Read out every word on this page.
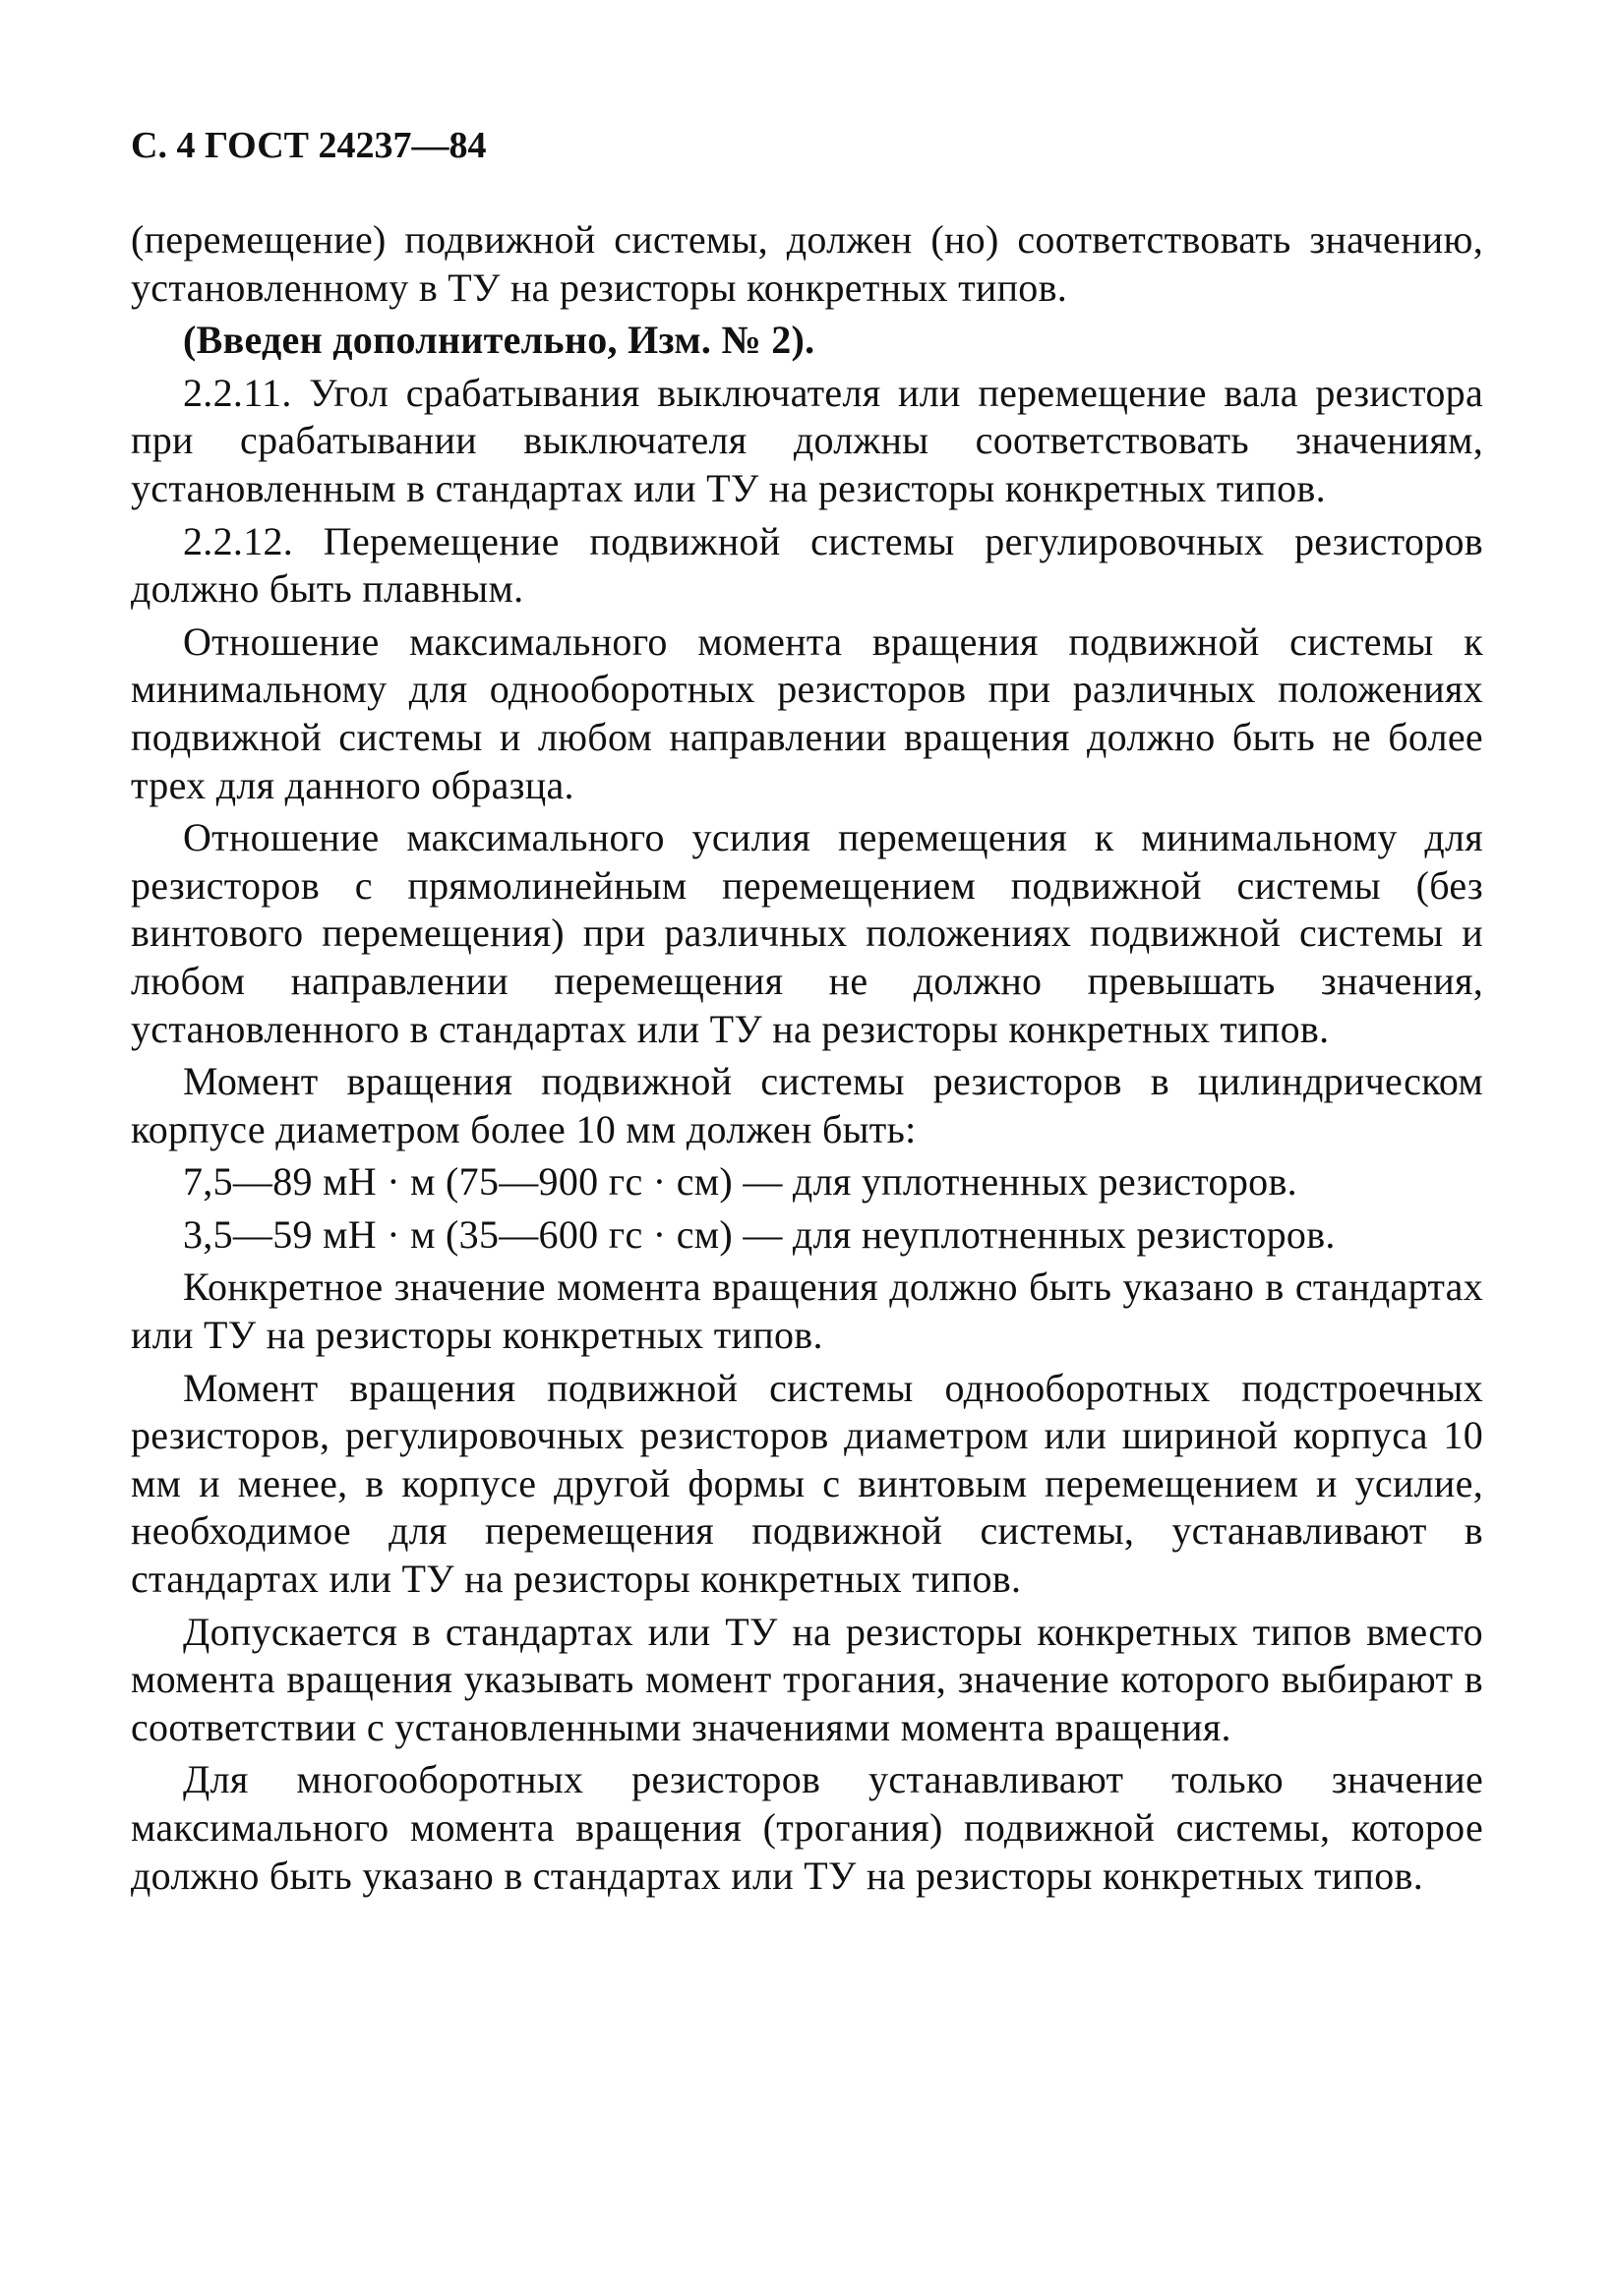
С. 4 ГОСТ 24237—84
(перемещение) подвижной системы, должен (но) соответствовать значению, установленному в ТУ на резисторы конкретных типов.
(Введен дополнительно, Изм. № 2).
2.2.11. Угол срабатывания выключателя или перемещение вала резистора при срабатывании выключателя должны соответствовать значениям, установленным в стандартах или ТУ на резисторы конкретных типов.
2.2.12. Перемещение подвижной системы регулировочных резисторов должно быть плавным.
Отношение максимального момента вращения подвижной системы к минимальному для однооборотных резисторов при различных положениях подвижной системы и любом направлении вращения должно быть не более трех для данного образца.
Отношение максимального усилия перемещения к минимальному для резисторов с прямолинейным перемещением подвижной системы (без винтового перемещения) при различных положениях подвижной системы и любом направлении перемещения не должно превышать значения, установленного в стандартах или ТУ на резисторы конкретных типов.
Момент вращения подвижной системы резисторов в цилиндрическом корпусе диаметром более 10 мм должен быть:
7,5—89 мН · м (75—900 гс · см) — для уплотненных резисторов.
3,5—59 мН · м (35—600 гс · см) — для неуплотненных резисторов.
Конкретное значение момента вращения должно быть указано в стандартах или ТУ на резисторы конкретных типов.
Момент вращения подвижной системы однооборотных подстроечных резисторов, регулировочных резисторов диаметром или шириной корпуса 10 мм и менее, в корпусе другой формы с винтовым перемещением и усилие, необходимое для перемещения подвижной системы, устанавливают в стандартах или ТУ на резисторы конкретных типов.
Допускается в стандартах или ТУ на резисторы конкретных типов вместо момента вращения указывать момент трогания, значение которого выбирают в соответствии с установленными значениями момента вращения.
Для многооборотных резисторов устанавливают только значение максимального момента вращения (трогания) подвижной системы, которое должно быть указано в стандартах или ТУ на резисторы конкретных типов.
